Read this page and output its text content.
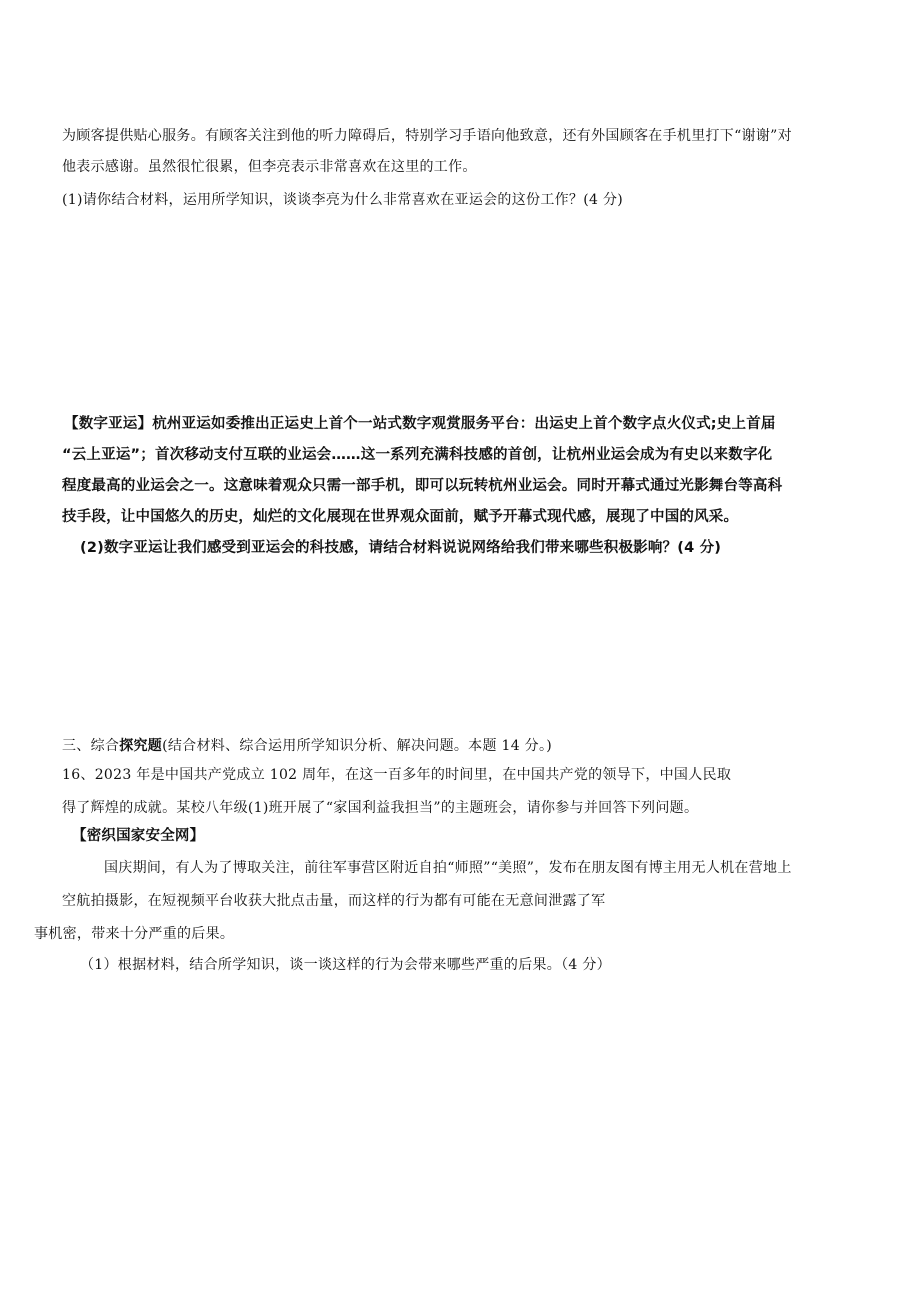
为顾客提供贴心服务。有顾客关注到他的听力障碍后，特别学习手语向他致意，还有外国顾客在手机里打下“谢谢”对
他表示感谢。虽然很忙很累，但李亮表示非常喜欢在这里的工作。
(1)请你结合材料，运用所学知识，谈谈李亮为什么非常喜欢在亚运会的这份工作？(4 分)
【数字亚运】杭州亚运如委推出正运史上首个一站式数字观赏服务平台：出运史上首个数字点火仪式;史上首届
“云上亚运”；首次移动支付互联的业运会……这一系列充满科技感的首创，让杭州业运会成为有史以来数字化
程度最高的业运会之一。这意味着观众只需一部手机，即可以玩转杭州业运会。同时开幕式通过光影舞台等高科
技手段，让中国悠久的历史，灿烂的文化展现在世界观众面前，赋予开幕式现代感，展现了中国的风采。
(2)数字亚运让我们感受到亚运会的科技感，请结合材料说说网络给我们带来哪些积极影响？(4 分)
三、综合探究题(结合材料、综合运用所学知识分析、解决问题。本题 14 分。)
16、2023 年是中国共产党成立 102 周年，在这一百多年的时间里，在中国共产党的领导下，中国人民取
得了辉煌的成就。某校八年级(1)班开展了“家国利益我担当”的主题班会，请你参与并回答下列问题。
【密织国家安全网】
国庆期间，有人为了博取关注，前往军事营区附近自拍“师照”“美照”，发布在朋友图有博主用无人机在营地上
空航拍摄影，在短视频平台收获大批点击量，而这样的行为都有可能在无意间泄露了军
事机密，带来十分严重的后果。
（1）根据材料，结合所学知识，谈一谈这样的行为会带来哪些严重的后果。（4 分）
